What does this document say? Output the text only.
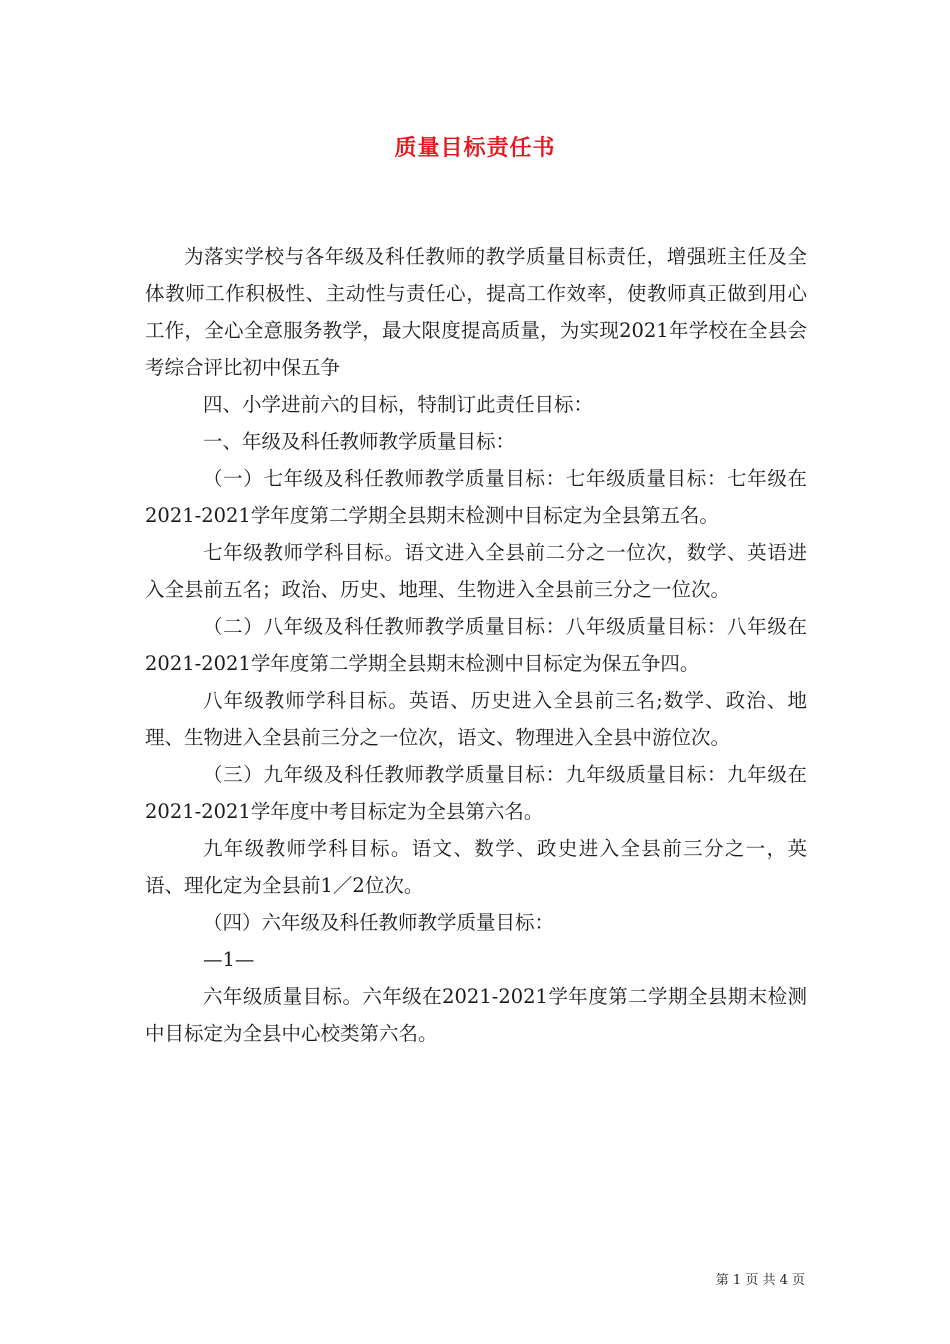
质量目标责任书

为落实学校与各年级及科任教师的教学质量目标责任，增强班主任及全体教师工作积极性、主动性与责任心，提高工作效率，使教师真正做到用心工作，全心全意服务教学，最大限度提高质量，为实现2021年学校在全县会考综合评比初中保五争

四、小学进前六的目标，特制订此责任目标：

一、年级及科任教师教学质量目标：

（一）七年级及科任教师教学质量目标：七年级质量目标：七年级在2021-2021学年度第二学期全县期末检测中目标定为全县第五名。

七年级教师学科目标。语文进入全县前二分之一位次，数学、英语进入全县前五名；政治、历史、地理、生物进入全县前三分之一位次。

（二）八年级及科任教师教学质量目标：八年级质量目标：八年级在2021-2021学年度第二学期全县期末检测中目标定为保五争四。

八年级教师学科目标。英语、历史进入全县前三名;数学、政治、地理、生物进入全县前三分之一位次，语文、物理进入全县中游位次。

（三）九年级及科任教师教学质量目标：九年级质量目标：九年级在2021-2021学年度中考目标定为全县第六名。

九年级教师学科目标。语文、数学、政史进入全县前三分之一，英语、理化定为全县前1／2位次。

（四）六年级及科任教师教学质量目标：

—1—

六年级质量目标。六年级在2021-2021学年度第二学期全县期末检测中目标定为全县中心校类第六名。

第 1 页 共 4 页
